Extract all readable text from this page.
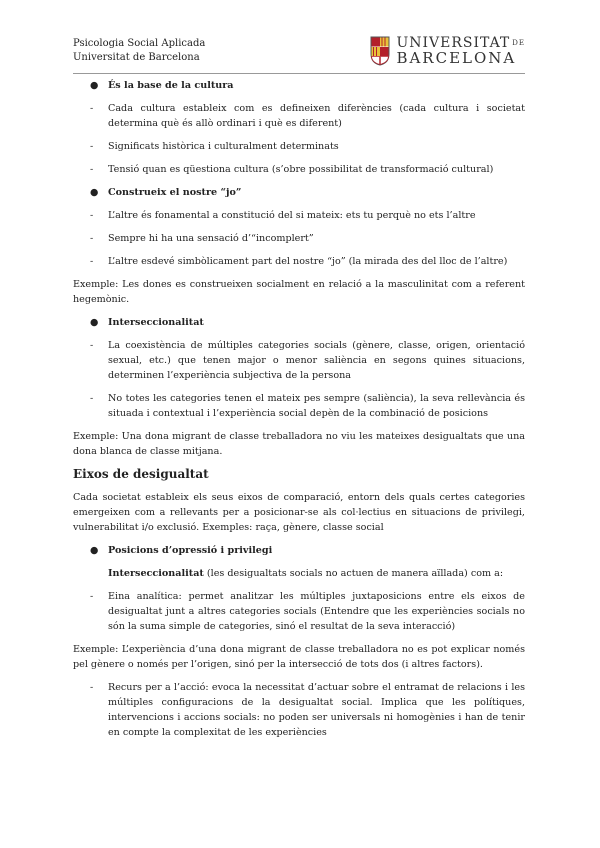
Psicologia Social Aplicada
Universitat de Barcelona
UNIVERSITAT $^{DE}$
BARCELONA
● És la base de la cultura
- Cada cultura estableix com es defineixen diferències (cada cultura i societat determina què és allò ordinari i què es diferent)
- Significats històrica i culturalment determinats
- Tensió quan es qüestiona cultura (s’obre possibilitat de transformació cultural)
● Construeix el nostre “jo”
- L’altre és fonamental a constitució del si mateix: ets tu perquè no ets l’altre
- Sempre hi ha una sensació d’“incomplert”
- L’altre esdevé simbòlicament part del nostre “jo” (la mirada des del lloc de l’altre)

Exemple: Les dones es construeixen socialment en relació a la masculinitat com a referent hegemònic.

● Interseccionalitat
- La coexistència de múltiples categories socials (gènere, classe, origen, orientació sexual, etc.) que tenen major o menor saliència en segons quines situacions, determinen l’experiència subjectiva de la persona
- No totes les categories tenen el mateix pes sempre (saliència), la seva rellevància és situada i contextual i l’experiència social depèn de la combinació de posicions

Exemple: Una dona migrant de classe treballadora no viu les mateixes desigualtats que una dona blanca de classe mitjana.

Eixos de desigualtat

Cada societat estableix els seus eixos de comparació, entorn dels quals certes categories emergeixen com a rellevants per a posicionar-se als col·lectius en situacions de privilegi, vulnerabilitat i/o exclusió. Exemples: raça, gènere, classe social

● Posicions d’opressió i privilegi

Interseccionalitat (les desigualtats socials no actuen de manera aïllada) com a:

- Eina analítica: permet analitzar les múltiples juxtaposicions entre els eixos de desigualtat junt a altres categories socials (Entendre que les experiències socials no són la suma simple de categories, sinó el resultat de la seva interacció)

Exemple: L’experiència d’una dona migrant de classe treballadora no es pot explicar només pel gènere o només per l’origen, sinó per la intersecció de tots dos (i altres factors).

- Recurs per a l’acció: evoca la necessitat d’actuar sobre el entramat de relacions i les múltiples configuracions de la desigualtat social. Implica que les polítiques, intervencions i accions socials: no poden ser universals ni homogènies i han de tenir en compte la complexitat de les experiències
